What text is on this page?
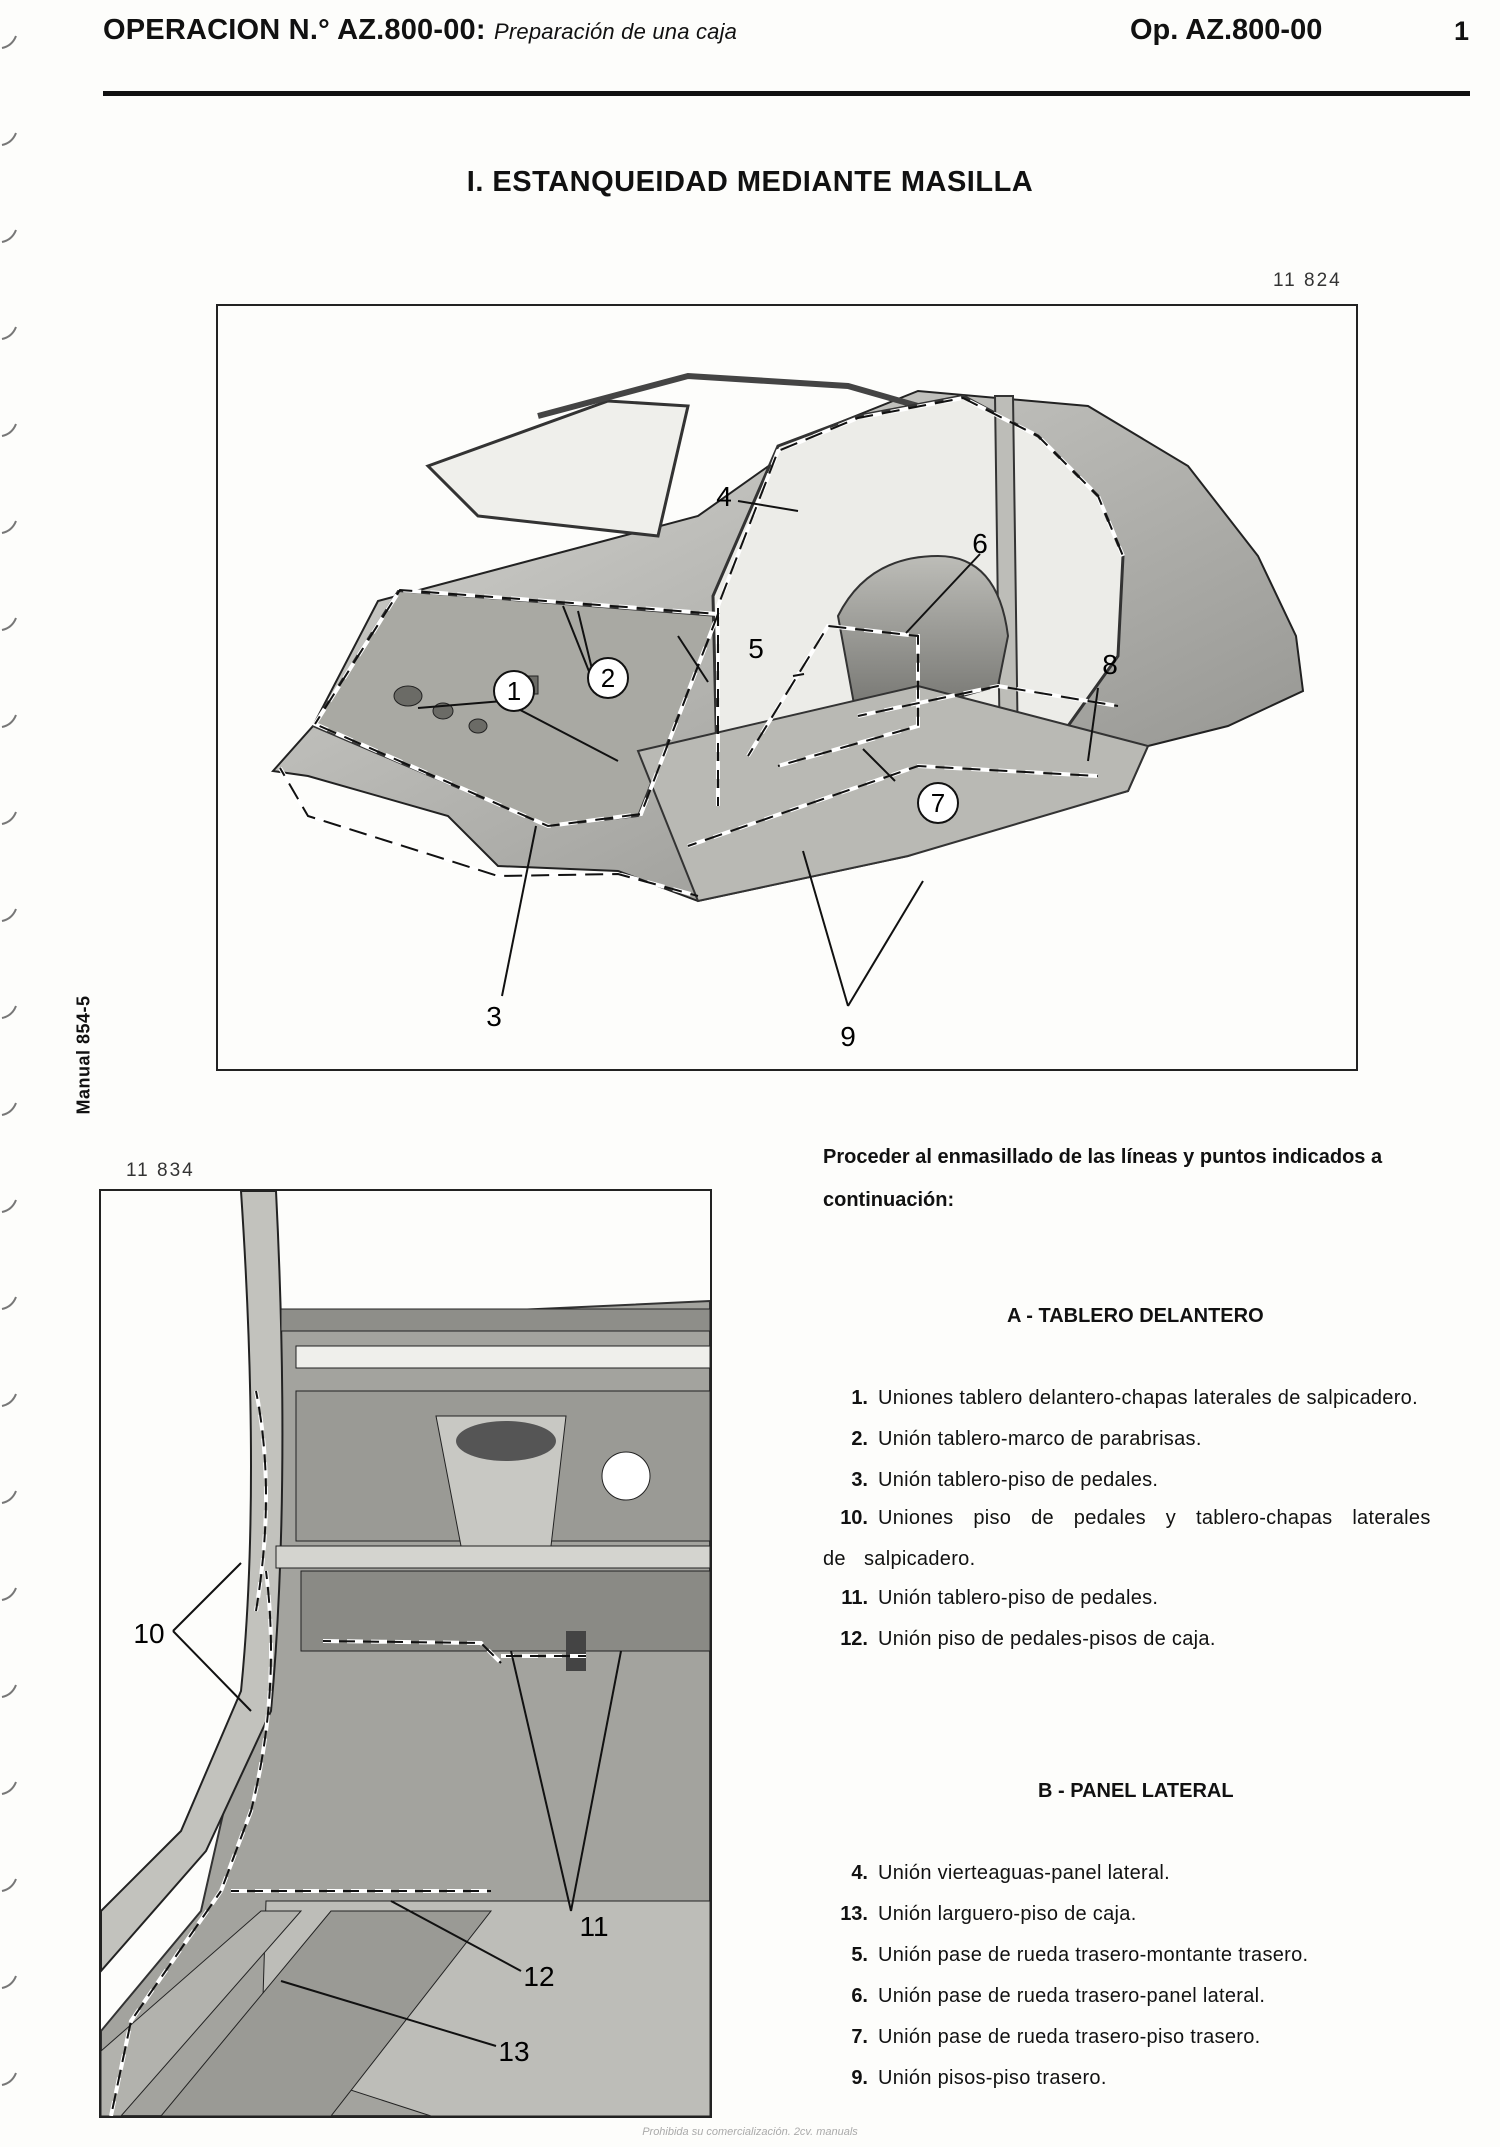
OPERACION N.° AZ.800-00: Preparación de una caja	Op. AZ.800-00	1
I. ESTANQUEIDAD MEDIANTE MASILLA
11 824
1	2
3
4
5
6
7
8
9
Manual 854-5
11 834
10
11
12
13
Proceder al enmasillado de las líneas y puntos indicados a
continuación:
A - TABLERO DELANTERO
1. Uniones tablero delantero-chapas laterales de salpicadero.
2. Unión tablero-marco de parabrisas.
3. Unión tablero-piso de pedales.
10. Uniones piso de pedales y tablero-chapas laterales de salpicadero.
11. Unión tablero-piso de pedales.
12. Unión piso de pedales-pisos de caja.
B - PANEL LATERAL
4. Unión vierteaguas-panel lateral.
13. Unión larguero-piso de caja.
5. Unión pase de rueda trasero-montante trasero.
6. Unión pase de rueda trasero-panel lateral.
7. Unión pase de rueda trasero-piso trasero.
9. Unión pisos-piso trasero.
Prohibida su comercialización. 2cv. manuals
